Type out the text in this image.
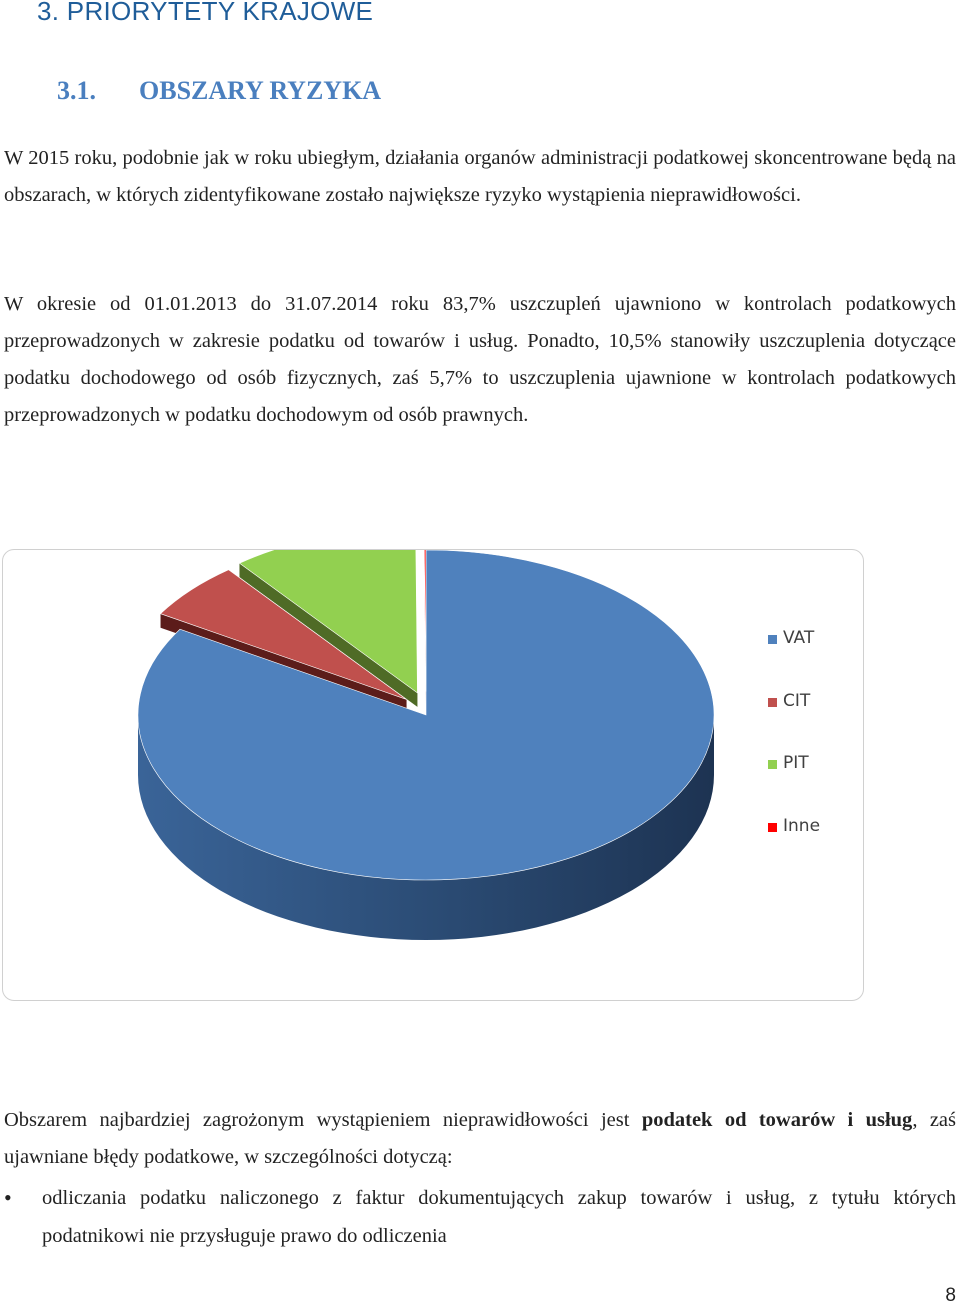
3. PRIORYTETY KRAJOWE
3.1. OBSZARY RYZYKA

W 2015 roku, podobnie jak w roku ubiegłym, działania organów administracji podatkowej skoncentrowane będą na obszarach, w których zidentyfikowane zostało największe ryzyko wystąpienia nieprawidłowości.

W okresie od 01.01.2013 do 31.07.2014 roku 83,7% uszczupleń ujawniono w kontrolach podatkowych przeprowadzonych w zakresie podatku od towarów i usług. Ponadto, 10,5% stanowiły uszczuplenia dotyczące podatku dochodowego od osób fizycznych, zaś 5,7% to uszczuplenia ujawnione w kontrolach podatkowych przeprowadzonych w podatku dochodowym od osób prawnych.

VAT
CIT
PIT
Inne

Obszarem najbardziej zagrożonym wystąpieniem nieprawidłowości jest podatek od towarów i usług, zaś ujawniane błędy podatkowe, w szczególności dotyczą:

• odliczania podatku naliczonego z faktur dokumentujących zakup towarów i usług, z tytułu których podatnikowi nie przysługuje prawo do odliczenia
8
